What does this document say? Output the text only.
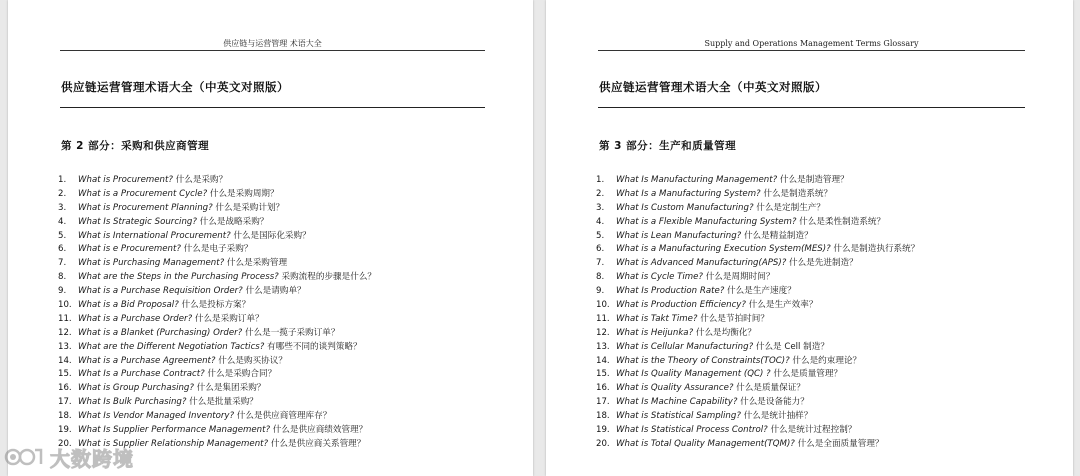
供应链与运营管理 术语大全
供应链运营管理术语大全（中英文对照版）
第 2 部分：采购和供应商管理
1. What is Procurement? 什么是采购？
2. What is a Procurement Cycle? 什么是采购周期？
3. What is Procurement Planning? 什么是采购计划？
4. What Is Strategic Sourcing? 什么是战略采购？
5. What is International Procurement? 什么是国际化采购？
6. What is e Procurement? 什么是电子采购？
7. What is Purchasing Management? 什么是采购管理
8. What are the Steps in the Purchasing Process? 采购流程的步骤是什么？
9. What is a Purchase Requisition Order? 什么是请购单？
10. What is a Bid Proposal? 什么是投标方案？
11. What is a Purchase Order? 什么是采购订单？
12. What is a Blanket (Purchasing) Order? 什么是一揽子采购订单？
13. What are the Different Negotiation Tactics? 有哪些不同的谈判策略？
14. What is a Purchase Agreement? 什么是购买协议？
15. What Is a Purchase Contract? 什么是采购合同？
16. What is Group Purchasing? 什么是集团采购？
17. What Is Bulk Purchasing? 什么是批量采购？
18. What Is Vendor Managed Inventory? 什么是供应商管理库存？
19. What Is Supplier Performance Management? 什么是供应商绩效管理？
20. What is Supplier Relationship Management? 什么是供应商关系管理？
Supply and Operations Management Terms Glossary
供应链运营管理术语大全（中英文对照版）
第 3 部分：生产和质量管理
1. What Is Manufacturing Management? 什么是制造管理？
2. What Is a Manufacturing System? 什么是制造系统？
3. What Is Custom Manufacturing? 什么是定制生产？
4. What is a Flexible Manufacturing System? 什么是柔性制造系统？
5. What is Lean Manufacturing? 什么是精益制造？
6. What is a Manufacturing Execution System(MES)? 什么是制造执行系统？
7. What is Advanced Manufacturing(APS)? 什么是先进制造？
8. What is Cycle Time? 什么是周期时间？
9. What Is Production Rate? 什么是生产速度？
10. What is Production Efficiency? 什么是生产效率？
11. What is Takt Time? 什么是节拍时间？
12. What is Heijunka? 什么是均衡化？
13. What is Cellular Manufacturing? 什么是 Cell 制造？
14. What is the Theory of Constraints(TOC)? 什么是约束理论？
15. What Is Quality Management (QC) ? 什么是质量管理？
16. What is Quality Assurance? 什么是质量保证？
17. What Is Machine Capability? 什么是设备能力？
18. What is Statistical Sampling? 什么是统计抽样？
19. What Is Statistical Process Control? 什么是统计过程控制？
20. What is Total Quality Management(TQM)? 什么是全面质量管理？
大数跨境
